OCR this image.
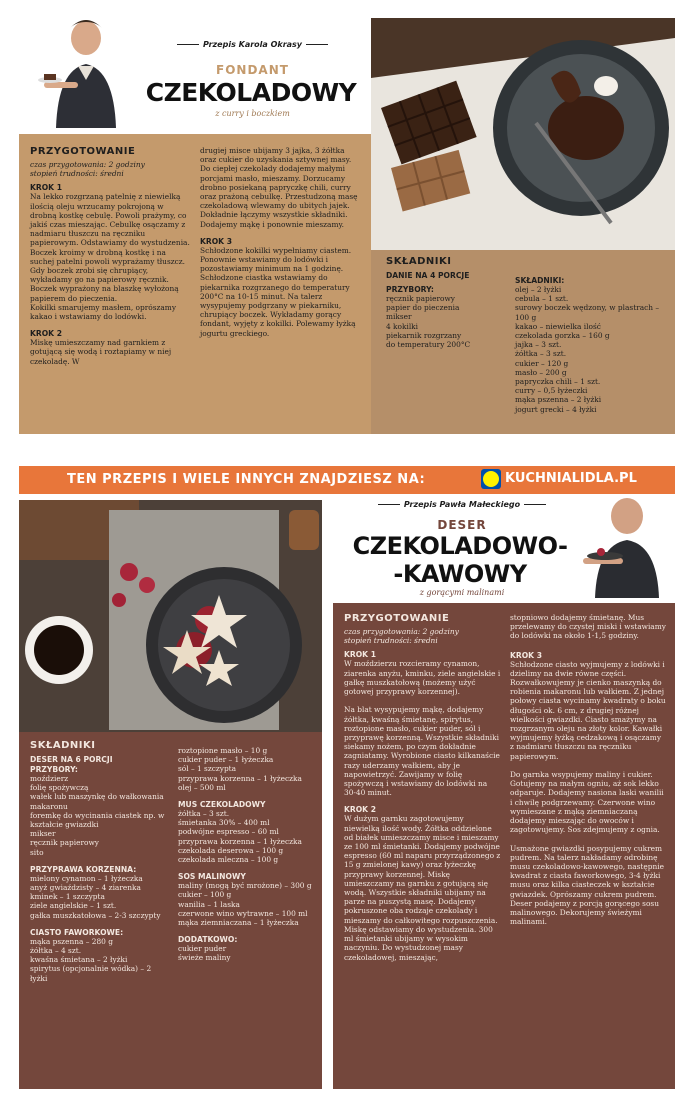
Przepis Karola Okrasy
FONDANT
CZEKOLADOWY
z curry i boczkiem
PRZYGOTOWANIE
czas przygotowania: 2 godziny
stopień trudności: średni
KROK 1
Na lekko rozgrzaną patelnię z niewielką ilością oleju wrzucamy pokrojoną w drobną kostkę cebulę. Powoli prażymy, co jakiś czas mieszając. Cebulkę osączamy z nadmiaru tłuszczu na ręczniku papierowym. Odstawiamy do wystudzenia.
Boczek kroimy w drobną kostkę i na suchej patelni powoli wyprażamy tłuszcz. Gdy boczek zrobi się chrupiący, wykładamy go na papierowy ręcznik. Boczek wyprażony na blaszkę wyłożoną papierem do pieczenia.
Kokilki smarujemy masłem, oprószamy kakao i wstawiamy do lodówki.
KROK 2
Miskę umieszczamy nad garnkiem z gotującą się wodą i roztapiamy w niej czekoladę. W
drugiej misce ubijamy 3 jajka, 3 żółtka oraz cukier do uzyskania sztywnej masy. Do ciepłej czekolady dodajemy małymi porcjami masło, mieszamy. Dorzucamy drobno posiekaną papryczkę chili, curry oraz prażoną cebulkę. Przestudzoną masę czekoladową wlewamy do ubitych jajek. Dokładnie łączymy wszystkie składniki. Dodajemy mąkę i ponownie mieszamy.
KROK 3
Schłodzone kokilki wypełniamy ciastem. Ponownie wstawiamy do lodówki i pozostawiamy minimum na 1 godzinę.
Schłodzone ciastka wstawiamy do piekarnika rozgrzanego do temperatury 200°C na 10-15 minut. Na talerz wysypujemy podgrzany w piekarniku, chrupiący boczek. Wykładamy gorący fondant, wyjęty z kokilki. Polewamy łyżką jogurtu greckiego.
SKŁADNIKI
DANIE NA 4 PORCJE
PRZYBORY:
ręcznik papierowy
papier do pieczenia
mikser
4 kokilki
piekarnik rozgrzany
do temperatury 200°C
SKŁADNIKI:
olej – 2 łyżki
cebula – 1 szt.
surowy boczek wędzony, w plastrach – 100 g
kakao – niewielka ilość
czekolada gorzka – 160 g
jajka – 3 szt.
żółtka – 3 szt.
cukier – 120 g
masło – 200 g
papryczka chili – 1 szt.
curry – 0,5 łyżeczki
mąka pszenna – 2 łyżki
jogurt grecki – 4 łyżki
TEN PRZEPIS I WIELE INNYCH ZNAJDZIESZ NA:	KUCHNIALIDLA.PL
Przepis Pawła Małeckiego
DESER
CZEKOLADOWO-
-KAWOWY
z gorącymi malinami
PRZYGOTOWANIE
czas przygotowania: 2 godziny
stopień trudności: średni
KROK 1
W moździerzu rozcieramy cynamon, ziarenka anyżu, kminku, ziele angielskie i gałkę muszkatołową (możemy użyć gotowej przyprawy korzennej).

Na blat wysypujemy mąkę, dodajemy żółtka, kwaśną śmietanę, spirytus, roztopione masło, cukier puder, sól i przyprawę korzenną. Wszystkie składniki siekamy nożem, po czym dokładnie zagniatamy. Wyrobione ciasto kilkanaście razy uderzamy wałkiem, aby je napowietrzyć. Zawijamy w folię spożywczą i wstawiamy do lodówki na 30-40 minut.
KROK 2
W dużym garnku zagotowujemy niewielką ilość wody. Żółtka oddzielone od białek umieszczamy misce i mieszamy ze 100 ml śmietanki. Dodajemy podwójne espresso (60 ml naparu przyrządzonego z 15 g zmielonej kawy) oraz łyżeczkę przyprawy korzennej. Miskę umieszczamy na garnku z gotującą się wodą. Wszystkie składniki ubijamy na parze na puszystą masę. Dodajemy pokruszone oba rodzaje czekolady i mieszamy do całkowitego rozpuszczenia. Miskę odstawiamy do wystudzenia. 300 ml śmietanki ubijamy w wysokim naczyniu. Do wystudzonej masy czekoladowej, mieszając,
stopniowo dodajemy śmietanę. Mus przelewamy do czystej miski i wstawiamy do lodówki na około 1-1,5 godziny.
KROK 3
Schłodzone ciasto wyjmujemy z lodówki i dzielimy na dwie równe części. Rozwałkowujemy je cienko maszynką do robienia makaronu lub wałkiem. Z jednej połowy ciasta wycinamy kwadraty o boku długości ok. 6 cm, z drugiej różnej wielkości gwiazdki. Ciasto smażymy na rozgrzanym oleju na złoty kolor. Kawałki wyjmujemy łyżką cedzakową i osączamy z nadmiaru tłuszczu na ręczniku papierowym.

Do garnka wsypujemy maliny i cukier. Gotujemy na małym ogniu, aż sok lekko odparuje. Dodajemy nasiona laski wanilii i chwilę podgrzewamy. Czerwone wino wymieszane z mąką ziemniaczaną dodajemy mieszając do owoców i zagotowujemy. Sos zdejmujemy z ognia.

Usmażone gwiazdki posypujemy cukrem pudrem. Na talerz nakładamy odrobinę musu czekoladowo-kawowego, następnie kwadrat z ciasta faworkowego, 3-4 łyżki musu oraz kilka ciasteczek w kształcie gwiazdek. Oprószamy cukrem pudrem. Deser podajemy z porcją gorącego sosu malinowego. Dekorujemy świeżymi malinami.
SKŁADNIKI
DESER NA 6 PORCJI
PRZYBORY:
moździerz
folię spożywczą
wałek lub maszynkę do wałkowania makaronu
foremkę do wycinania ciastek np. w kształcie gwiazdki
mikser
ręcznik papierowy
sito
PRZYPRAWA KORZENNA:
mielony cynamon – 1 łyżeczka
anyż gwiaździsty – 4 ziarenka
kminek – 1 szczypta
ziele angielskie – 1 szt.
gałka muszkatołowa – 2-3 szczypty
CIASTO FAWORKOWE:
mąka pszenna – 280 g
żółtka – 4 szt.
kwaśna śmietana – 2 łyżki
spirytus (opcjonalnie wódka) – 2 łyżki
roztopione masło – 10 g
cukier puder – 1 łyżeczka
sól – 1 szczypta
przyprawa korzenna – 1 łyżeczka
olej – 500 ml
MUS CZEKOLADOWY
żółtka – 3 szt.
śmietanka 30% – 400 ml
podwójne espresso – 60 ml
przyprawa korzenna – 1 łyżeczka
czekolada deserowa – 100 g
czekolada mleczna – 100 g
SOS MALINOWY
maliny (mogą być mrożone) – 300 g
cukier – 100 g
wanilia – 1 laska
czerwone wino wytrawne – 100 ml
mąka ziemniaczana – 1 łyżeczka
DODATKOWO:
cukier puder
świeże maliny
